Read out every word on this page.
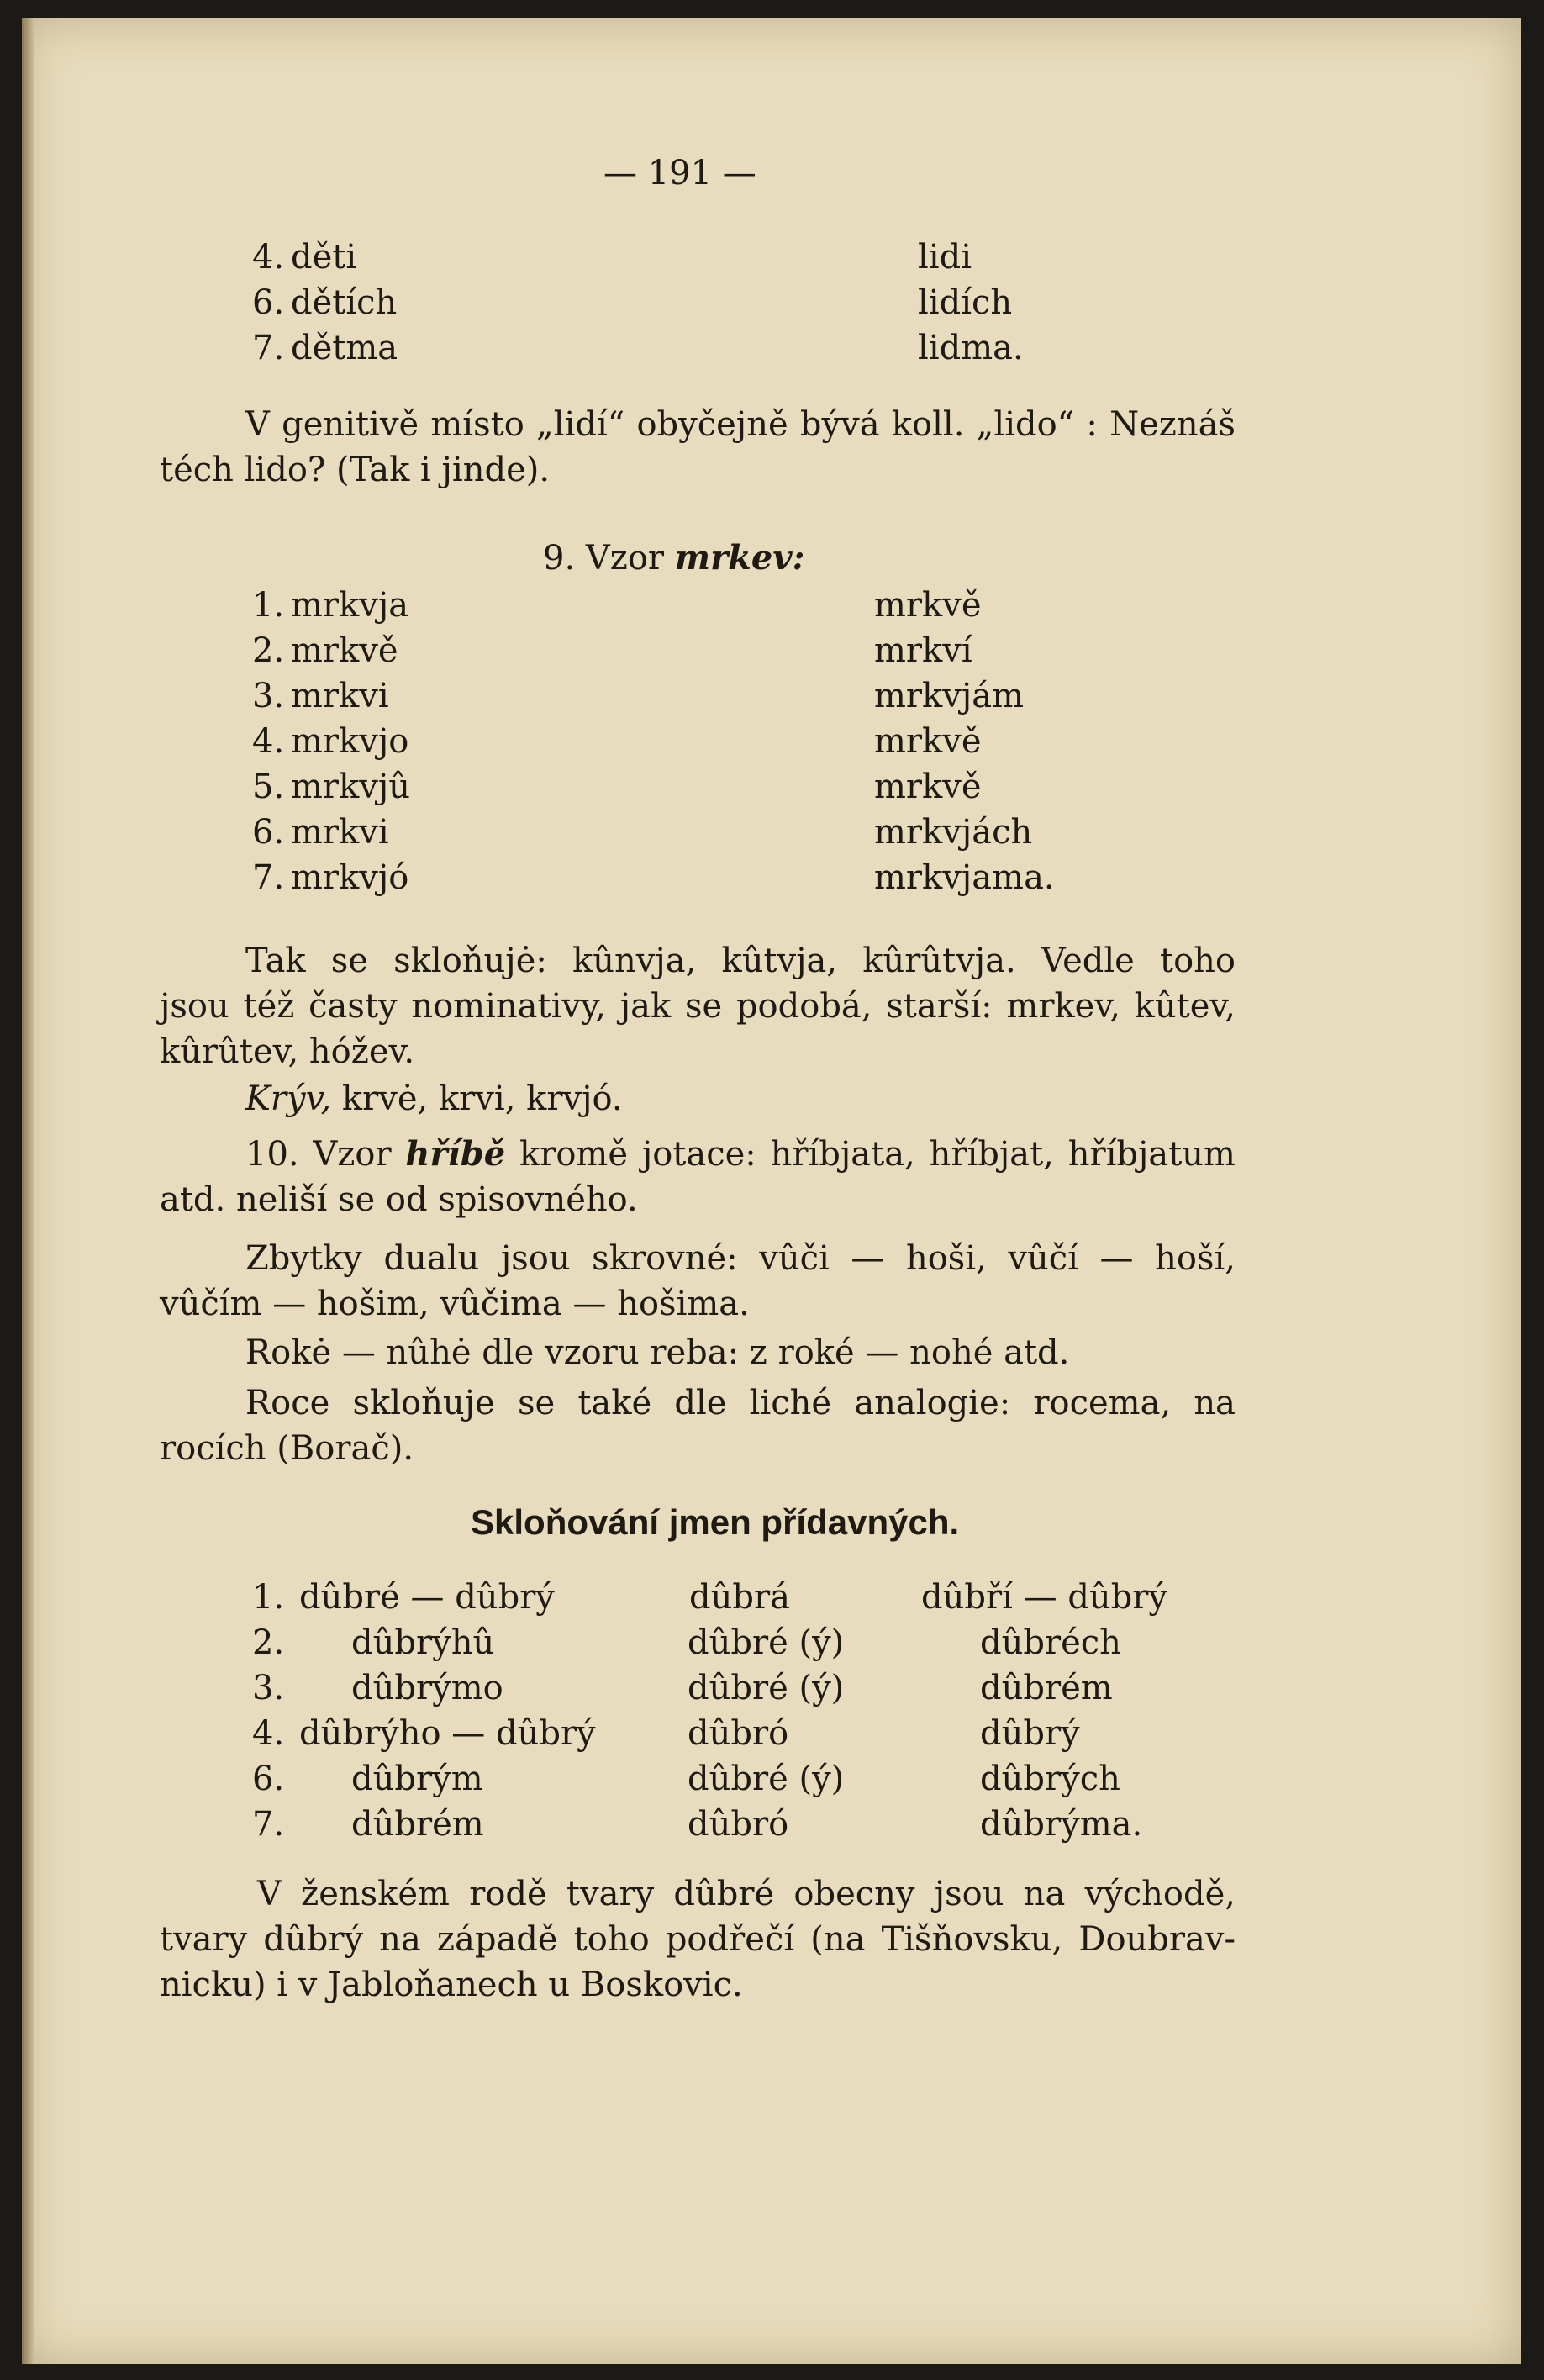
— 191 —
4. děti	lidi
6. dětích	lidích
7. dětma	lidma.
V genitivě místo „lidí“ obyčejně bývá koll. „lido“ : Neznáš
téch lido? (Tak i jinde).
9. Vzor mrkev:
1. mrkvja	mrkvě
2. mrkvě	mrkví
3. mrkvi	mrkvjám
4. mrkvjo	mrkvě
5. mrkvjû	mrkvě
6. mrkvi	mrkvjách
7. mrkvjó	mrkvjama.
Tak se skloňujė: kûnvja, kûtvja, kûrûtvja. Vedle toho
jsou též časty nominativy, jak se podobá, starší: mrkev, kûtev,
kûrûtev, hóžev.
Krýv, krvė, krvi, krvjó.
10. Vzor hříbě kromě jotace: hříbjata, hříbjat, hříbjatum
atd. neliší se od spisovného.
Zbytky dualu jsou skrovné: vûči — hoši, vûčí — hoší,
vûčím — hošim, vûčima — hošima.
Rokė — nûhė dle vzoru reba: z roké — nohé atd.
Roce skloňuje se také dle liché analogie: rocema, na
rocích (Borač).
Skloňování jmen přídavných.
1. dûbré — dûbrý	dûbrá	dûbří — dûbrý
2. dûbrýhû	dûbré (ý)	dûbréch
3. dûbrýmo	dûbré (ý)	dûbrém
4. dûbrýho — dûbrý	dûbró	dûbrý
6. dûbrým	dûbré (ý)	dûbrých
7. dûbrém	dûbró	dûbrýma.
V ženském rodě tvary dûbré obecny jsou na východě,
tvary dûbrý na západě toho podřečí (na Tišňovsku, Doubrav-
nicku) i v Jabloňanech u Boskovic.
